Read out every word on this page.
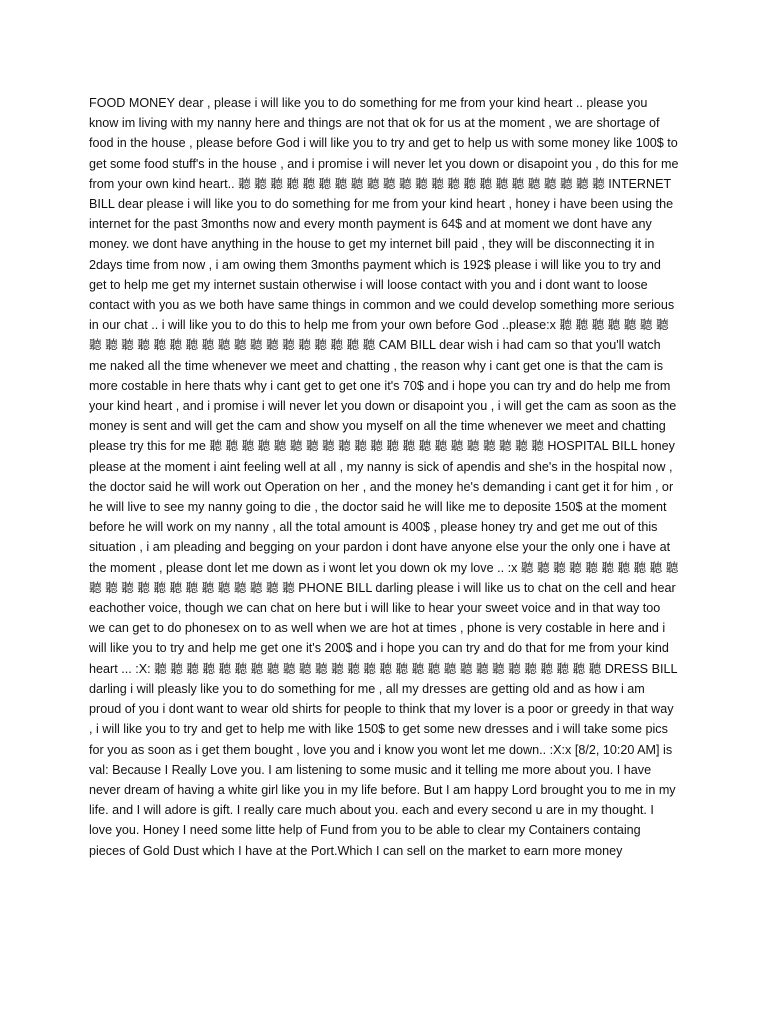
FOOD MONEY dear , please i will like you to do something for me from your kind heart .. please you know im living with my nanny here and things are not that ok for us at the moment , we are shortage of food in the house , please before God i will like you to try and get to help us with some money like 100$ to get some food stuff's in the house , and i promise i will never let you down or disapoint you , do this for me from your own kind heart.. 聽 聽 聽 聽 聽 聽 聽 聽 聽 聽 聽 聽 聽 聽 聽 聽 聽 聽 聽 聽 聽 聽 聽 INTERNET BILL dear please i will like you to do something for me from your kind heart , honey i have been using the internet for the past 3months now and every month payment is 64$ and at moment we dont have any money. we dont have anything in the house to get my internet bill paid , they will be disconnecting it in 2days time from now , i am owing them 3months payment which is 192$ please i will like you to try and get to help me get my internet sustain otherwise i will loose contact with you and i dont want to loose contact with you as we both have same things in common and we could develop something more serious in our chat .. i will like you to do this to help me from your own before God ..please:x 聽 聽 聽 聽 聽 聽 聽 聽 聽 聽 聽 聽 聽 聽 聽 聽 聽 聽 聽 聽 聽 聽 聽 聽 聽 CAM BILL dear wish i had cam so that you'll watch me naked all the time whenever we meet and chatting , the reason why i cant get one is that the cam is more costable in here thats why i cant get to get one it's 70$ and i hope you can try and do help me from your kind heart , and i promise i will never let you down or disapoint you , i will get the cam as soon as the money is sent and will get the cam and show you myself on all the time whenever we meet and chatting please try this for me 聽 聽 聽 聽 聽 聽 聽 聽 聽 聽 聽 聽 聽 聽 聽 聽 聽 聽 聽 聽 聽 HOSPITAL BILL honey please at the moment i aint feeling well at all , my nanny is sick of apendis and she's in the hospital now , the doctor said he will work out Operation on her , and the money he's demanding i cant get it for him , or he will live to see my nanny going to die , the doctor said he will like me to deposite 150$ at the moment before he will work on my nanny , all the total amount is 400$ , please honey try and get me out of this situation , i am pleading and begging on your pardon i dont have anyone else your the only one i have at the moment , please dont let me down as i wont let you down ok my love .. :x 聽 聽 聽 聽 聽 聽 聽 聽 聽 聽 聽 聽 聽 聽 聽 聽 聽 聽 聽 聽 聽 聽 聽 PHONE BILL darling please i will like us to chat on the cell and hear eachother voice, though we can chat on here but i will like to hear your sweet voice and in that way too we can get to do phonesex on to as well when we are hot at times , phone is very costable in here and i will like you to try and help me get one it's 200$ and i hope you can try and do that for me from your kind heart ... :X: 聽 聽 聽 聽 聽 聽 聽 聽 聽 聽 聽 聽 聽 聽 聽 聽 聽 聽 聽 聽 聽 聽 聽 聽 聽 聽 聽 聽 DRESS BILL darling i will pleasly like you to do something for me , all my dresses are getting old and as how i am proud of you i dont want to wear old shirts for people to think that my lover is a poor or greedy in that way , i will like you to try and get to help me with like 150$ to get some new dresses and i will take some pics for you as soon as i get them bought , love you and i know you wont let me down.. :X:x [8/2, 10:20 AM] is val: Because I Really Love you. I am listening to some music and it telling me more about you. I have never dream of having a white girl like you in my life before. But I am happy Lord brought you to me in my life. and I will adore is gift. I really care much about you. each and every second u are in my thought. I love you. Honey I need some litte help of Fund from you to be able to clear my Containers containg pieces of Gold Dust which I have at the Port.Which I can sell on the market to earn more money
